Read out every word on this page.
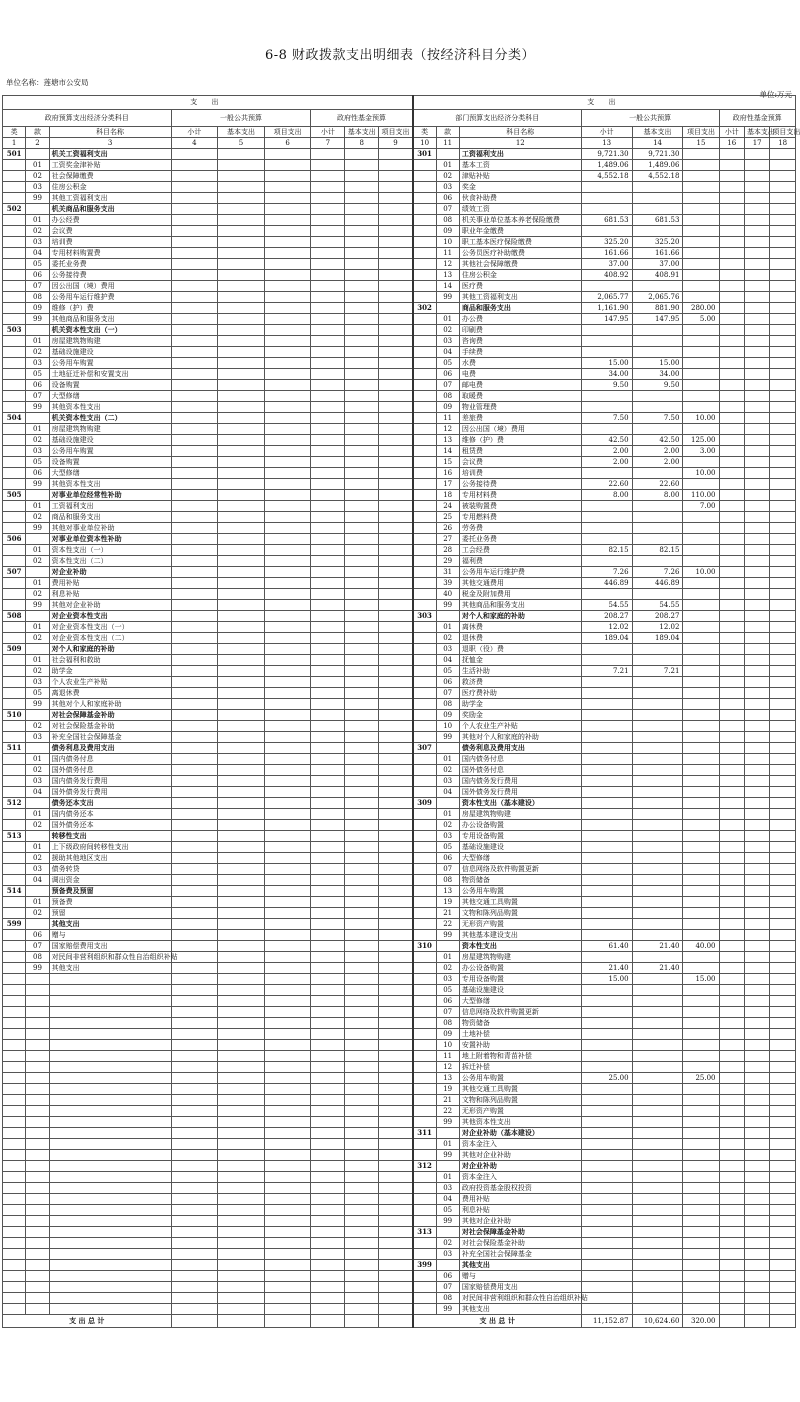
6-8 财政拨款支出明细表（按经济科目分类）
单位名称：莲塘市公安局
单位:万元
支 出									支 出								
政府预算支出经济分类科目			一般公共预算			政府性基金预算			部门预算支出经济分类科目			一般公共预算			政府性基金预算		
类	款	科目名称	小计	基本支出	项目支出	小计	基本支出	项目支出	类	款	科目名称	小计	基本支出	项目支出	小计	基本支出	项目支出
1	2	3	4	5	6	7	8	9	10	11	12	13	14	15	16	17	18
501		机关工资福利支出							301		工资福利支出	9,721.30	9,721.30				
	01	工资奖金津补贴								01	基本工资	1,489.06	1,489.06				
	02	社会保障缴费								02	津贴补贴	4,552.18	4,552.18				
	03	住房公积金								03	奖金						
	99	其他工资福利支出								06	伙食补助费						
502		机关商品和服务支出								07	绩效工资						
	01	办公经费								08	机关事业单位基本养老保险缴费	681.53	681.53				
	02	会议费								09	职业年金缴费						
	03	培训费								10	职工基本医疗保险缴费	325.20	325.20				
	04	专用材料购置费								11	公务员医疗补助缴费	161.66	161.66				
	05	委托业务费								12	其他社会保障缴费	37.00	37.00				
	06	公务接待费								13	住房公积金	408.92	408.91				
	07	因公出国（境）费用								14	医疗费						
	08	公务用车运行维护费								99	其他工资福利支出	2,065.77	2,065.76				
	09	维修（护）费							302		商品和服务支出	1,161.90	881.90	280.00			
	99	其他商品和服务支出								01	办公费	147.95	147.95	5.00			
503		机关资本性支出（一）								02	印刷费						
	01	房屋建筑物购建								03	咨询费						
	02	基础设施建设								04	手续费						
	03	公务用车购置								05	水费	15.00	15.00				
	05	土地征迁补偿和安置支出								06	电费	34.00	34.00				
	06	设备购置								07	邮电费	9.50	9.50				
	07	大型修缮								08	取暖费						
	99	其他资本性支出								09	物业管理费						
504		机关资本性支出（二）								11	差旅费	7.50	7.50	10.00			
	01	房屋建筑物购建								12	因公出国（境）费用						
	02	基础设施建设								13	维修（护）费	42.50	42.50	125.00			
	03	公务用车购置								14	租赁费	2.00	2.00	3.00			
	05	设备购置								15	会议费	2.00	2.00				
	06	大型修缮								16	培训费			10.00			
	99	其他资本性支出								17	公务接待费	22.60	22.60				
505		对事业单位经常性补助								18	专用材料费	8.00	8.00	110.00			
	01	工资福利支出								24	被装购置费			7.00			
	02	商品和服务支出								25	专用燃料费						
	99	其他对事业单位补助								26	劳务费						
506		对事业单位资本性补助								27	委托业务费						
	01	资本性支出（一）								28	工会经费	82.15	82.15				
	02	资本性支出（二）								29	福利费						
507		对企业补助								31	公务用车运行维护费	7.26	7.26	10.00			
	01	费用补贴								39	其他交通费用	446.89	446.89				
	02	利息补贴								40	税金及附加费用						
	99	其他对企业补助								99	其他商品和服务支出	54.55	54.55				
508		对企业资本性支出							303		对个人和家庭的补助	208.27	208.27				
	01	对企业资本性支出（一）								01	离休费	12.02	12.02				
	02	对企业资本性支出（二）								02	退休费	189.04	189.04				
509		对个人和家庭的补助								03	退职（役）费						
	01	社会福利和救助								04	抚恤金						
	02	助学金								05	生活补助	7.21	7.21				
	03	个人农业生产补贴								06	救济费						
	05	离退休费								07	医疗费补助						
	99	其他对个人和家庭补助								08	助学金						
510		对社会保障基金补助								09	奖励金						
	02	对社会保险基金补助								10	个人农业生产补贴						
	03	补充全国社会保障基金								99	其他对个人和家庭的补助						
511		债务利息及费用支出							307		债务利息及费用支出						
	01	国内债务付息								01	国内债务付息						
	02	国外债务付息								02	国外债务付息						
	03	国内债务发行费用								03	国内债务发行费用						
	04	国外债务发行费用								04	国外债务发行费用						
512		债务还本支出							309		资本性支出（基本建设）						
	01	国内债务还本								01	房屋建筑物购建						
	02	国外债务还本								02	办公设备购置						
513		转移性支出								03	专用设备购置						
	01	上下级政府间转移性支出								05	基础设施建设						
	02	援助其他地区支出								06	大型修缮						
	03	债务转贷								07	信息网络及软件购置更新						
	04	调出资金								08	物资储备						
514		预备费及预留								13	公务用车购置						
	01	预备费								19	其他交通工具购置						
	02	预留								21	文物和陈列品购置						
599		其他支出								22	无形资产购置						
	06	赠与								99	其他基本建设支出						
	07	国家赔偿费用支出							310		资本性支出	61.40	21.40	40.00			
	08	对民间非营利组织和群众性自治组织补贴								01	房屋建筑物购建						
	99	其他支出								02	办公设备购置	21.40	21.40				
										03	专用设备购置	15.00		15.00			
										05	基础设施建设						
										06	大型修缮						
										07	信息网络及软件购置更新						
										08	物资储备						
										09	土地补偿						
										10	安置补助						
										11	地上附着物和青苗补偿						
										12	拆迁补偿						
										13	公务用车购置	25.00		25.00			
										19	其他交通工具购置						
										21	文物和陈列品购置						
										22	无形资产购置						
										99	其他资本性支出						
									311		对企业补助（基本建设）						
										01	资本金注入						
										99	其他对企业补助						
									312		对企业补助						
										01	资本金注入						
										03	政府投资基金股权投资						
										04	费用补贴						
										05	利息补贴						
										99	其他对企业补助						
									313		对社会保障基金补助						
										02	对社会保险基金补助						
										03	补充全国社会保障基金						
									399		其他支出						
										06	赠与						
										07	国家赔偿费用支出						
										08	对民间非营利组织和群众性自治组织补贴						
										99	其他支出						
支 出 总 计									支 出 总 计			11,152.87	10,624.60	320.00			
